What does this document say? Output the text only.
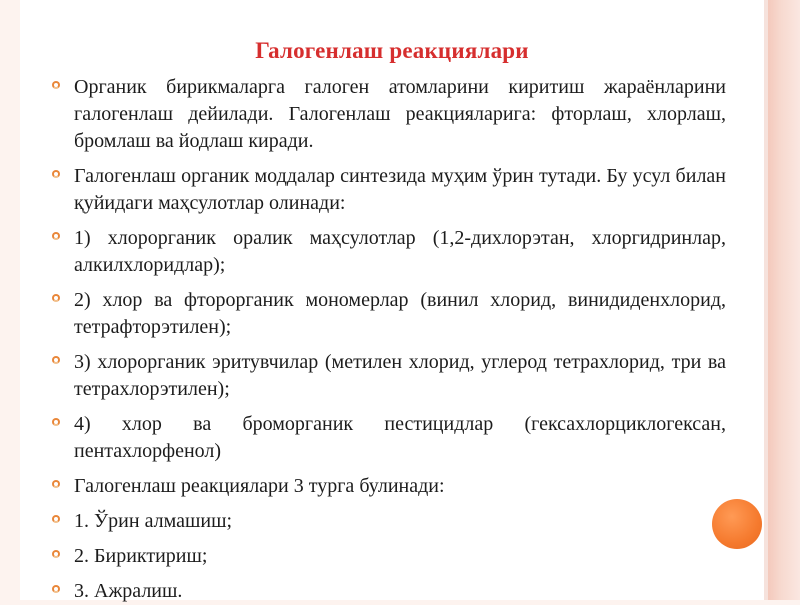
Галогенлаш реакциялари
Органик бирикмаларга галоген атомларини киритиш жараёнларини галогенлаш дейилади. Галогенлаш реакцияларига: фторлаш, хлорлаш, бромлаш ва йодлаш киради.
Галогенлаш органик моддалар синтезида муҳим ўрин тутади. Бу усул билан қуйидаги маҳсулотлар олинади:
1) хлорорганик оралик маҳсулотлар (1,2-дихлорэтан, хлоргидринлар, алкилхлоридлар);
2) хлор ва фторорганик мономерлар (винил хлорид, винидиденхлорид, тетрафторэтилен);
3) хлорорганик эритувчилар (метилен хлорид, углерод тетрахлорид, три ва тетрахлорэтилен);
4) хлор ва броморганик пестицидлар (гексахлорциклогексан, пентахлорфенол)
Галогенлаш реакциялари 3 турга булинади:
1. Ўрин алмашиш;
2. Бириктириш;
3. Ажралиш.
